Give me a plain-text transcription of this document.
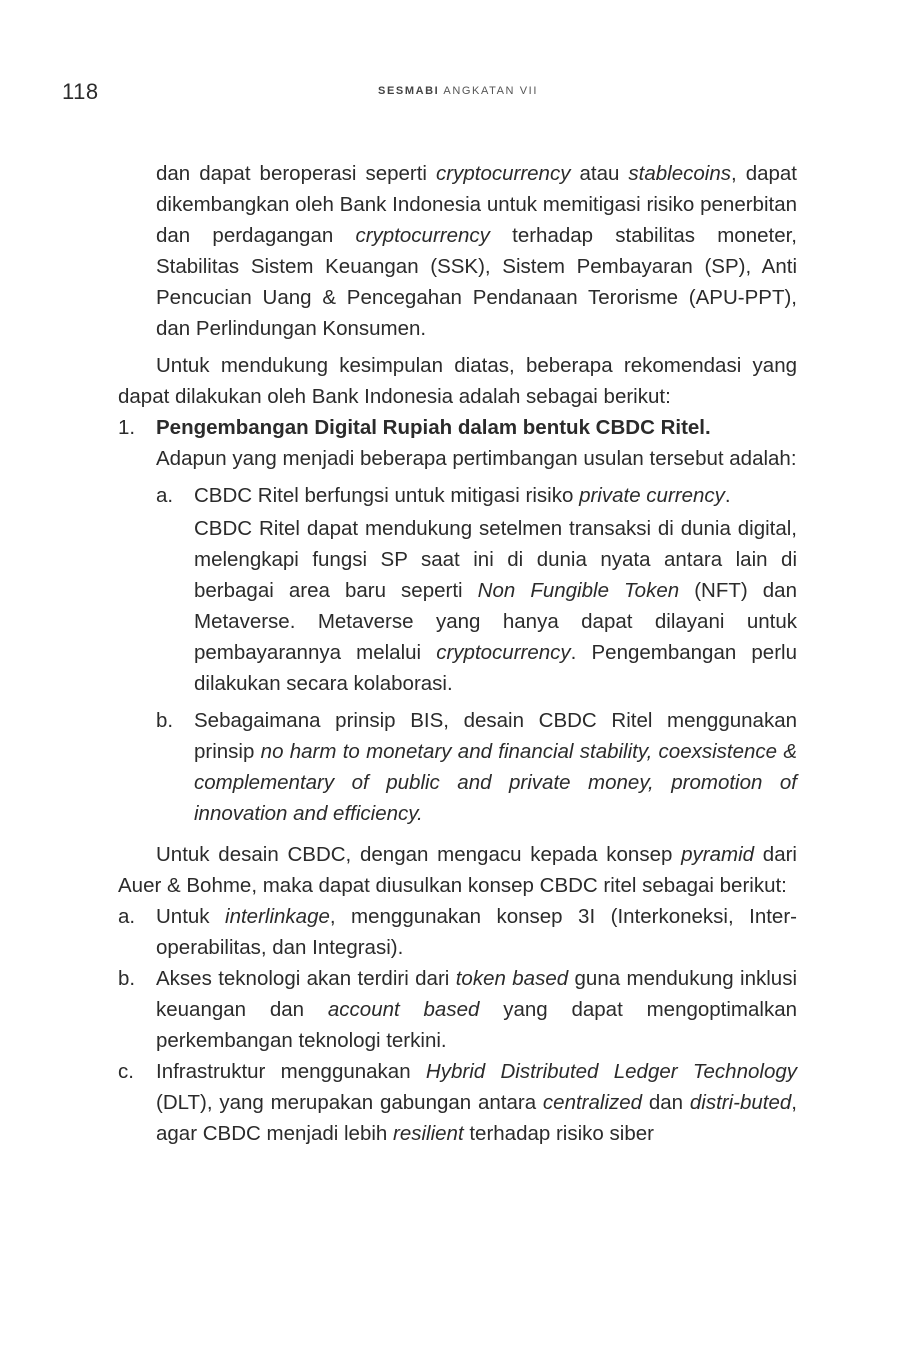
118	SESMABI ANGKATAN VII

dan dapat beroperasi seperti cryptocurrency atau stablecoins, dapat dikembangkan oleh Bank Indonesia untuk memitigasi risiko penerbitan dan perdagangan cryptocurrency terhadap stabilitas moneter, Stabilitas Sistem Keuangan (SSK), Sistem Pembayaran (SP), Anti Pencucian Uang & Pencegahan Pendanaan Terorisme (APU-PPT), dan Perlindungan Konsumen.

Untuk mendukung kesimpulan diatas, beberapa rekomendasi yang dapat dilakukan oleh Bank Indonesia adalah sebagai berikut:

1. Pengembangan Digital Rupiah dalam bentuk CBDC Ritel.
Adapun yang menjadi beberapa pertimbangan usulan tersebut adalah:
a. CBDC Ritel berfungsi untuk mitigasi risiko private currency.
CBDC Ritel dapat mendukung setelmen transaksi di dunia digital, melengkapi fungsi SP saat ini di dunia nyata antara lain di berbagai area baru seperti Non Fungible Token (NFT) dan Metaverse. Metaverse yang hanya dapat dilayani untuk pembayarannya melalui cryptocurrency. Pengembangan perlu dilakukan secara kolaborasi.
b. Sebagaimana prinsip BIS, desain CBDC Ritel menggunakan prinsip no harm to monetary and financial stability, coexsistence & complementary of public and private money, promotion of innovation and efficiency.

Untuk desain CBDC, dengan mengacu kepada konsep pyramid dari Auer & Bohme, maka dapat diusulkan konsep CBDC ritel sebagai berikut:

a. Untuk interlinkage, menggunakan konsep 3I (Interkoneksi, Inter-operabilitas, dan Integrasi).
b. Akses teknologi akan terdiri dari token based guna mendukung inklusi keuangan dan account based yang dapat mengoptimalkan perkembangan teknologi terkini.
c. Infrastruktur menggunakan Hybrid Distributed Ledger Technology (DLT), yang merupakan gabungan antara centralized dan distri-buted, agar CBDC menjadi lebih resilient terhadap risiko siber
